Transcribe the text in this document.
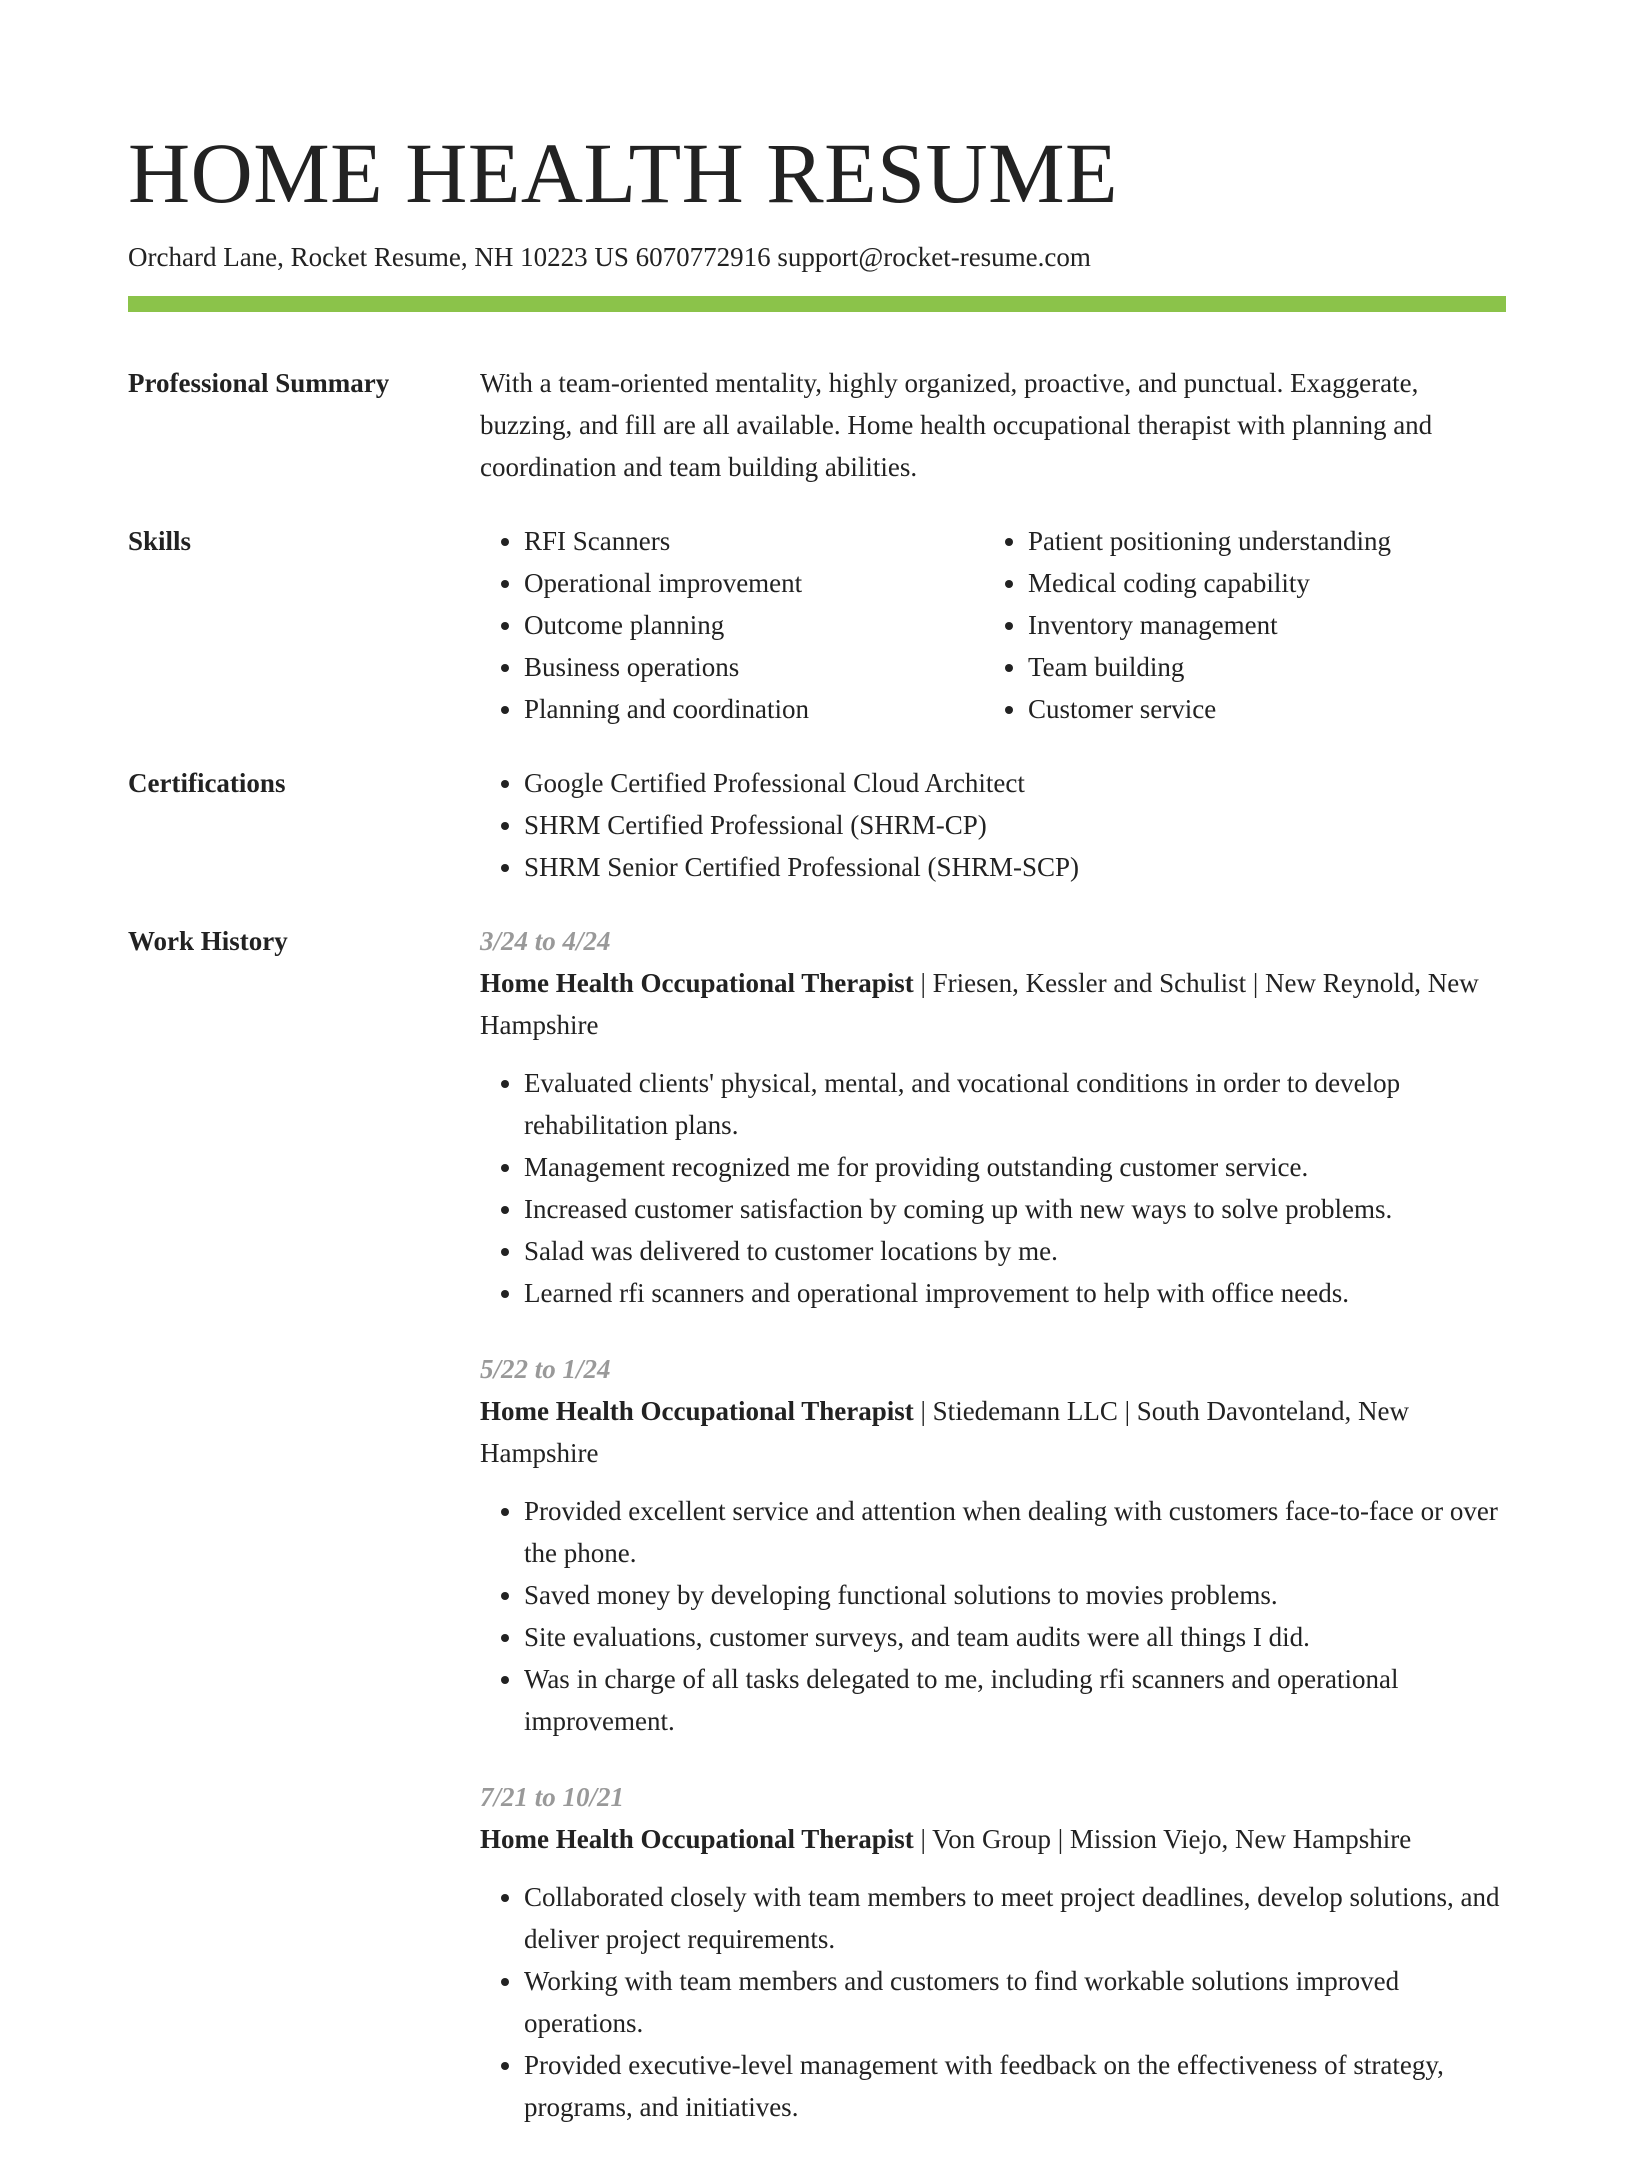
HOME HEALTH RESUME
Orchard Lane, Rocket Resume, NH 10223 US 6070772916 support@rocket-resume.com
Professional Summary	With a team-oriented mentality, highly organized, proactive, and punctual. Exaggerate, buzzing, and fill are all available. Home health occupational therapist with planning and coordination and team building abilities.
Skills	• RFI Scanners
• Operational improvement
• Outcome planning
• Business operations
• Planning and coordination
• Patient positioning understanding
• Medical coding capability
• Inventory management
• Team building
• Customer service
Certifications	• Google Certified Professional Cloud Architect
• SHRM Certified Professional (SHRM-CP)
• SHRM Senior Certified Professional (SHRM-SCP)
Work History	3/24 to 4/24
Home Health Occupational Therapist | Friesen, Kessler and Schulist | New Reynold, New Hampshire
• Evaluated clients' physical, mental, and vocational conditions in order to develop rehabilitation plans.
• Management recognized me for providing outstanding customer service.
• Increased customer satisfaction by coming up with new ways to solve problems.
• Salad was delivered to customer locations by me.
• Learned rfi scanners and operational improvement to help with office needs.
5/22 to 1/24
Home Health Occupational Therapist | Stiedemann LLC | South Davonteland, New Hampshire
• Provided excellent service and attention when dealing with customers face-to-face or over the phone.
• Saved money by developing functional solutions to movies problems.
• Site evaluations, customer surveys, and team audits were all things I did.
• Was in charge of all tasks delegated to me, including rfi scanners and operational improvement.
7/21 to 10/21
Home Health Occupational Therapist | Von Group | Mission Viejo, New Hampshire
• Collaborated closely with team members to meet project deadlines, develop solutions, and deliver project requirements.
• Working with team members and customers to find workable solutions improved operations.
• Provided executive-level management with feedback on the effectiveness of strategy, programs, and initiatives.
